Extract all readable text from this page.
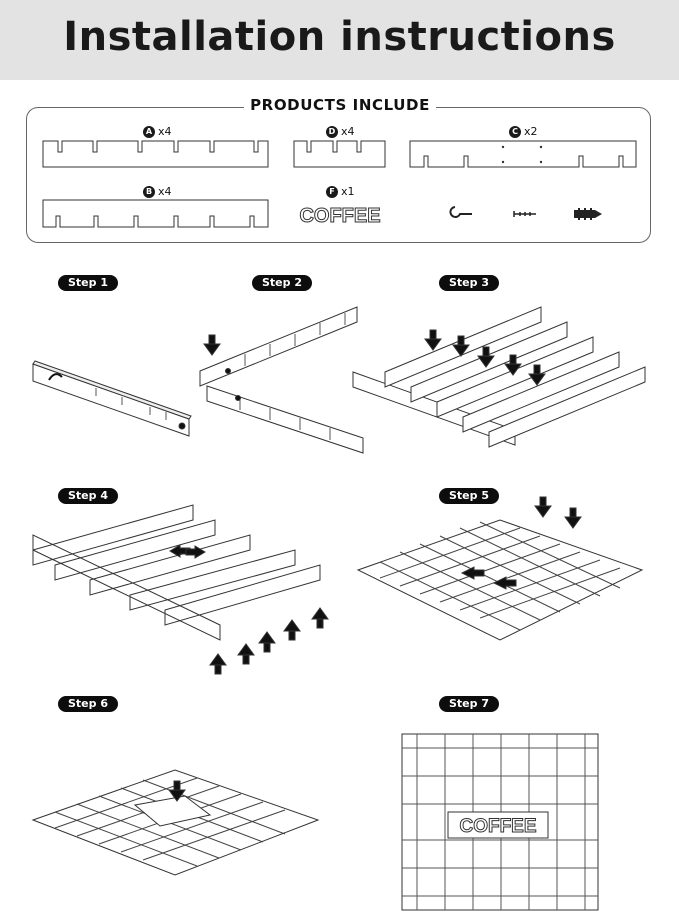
Installation instructions
PRODUCTS INCLUDE
A x4	D x4	C x2
B x4	F x1
COFFEE
Step 1	Step 2	Step 3
Step 4	Step 5
Step 6	Step 7
COFFEE
